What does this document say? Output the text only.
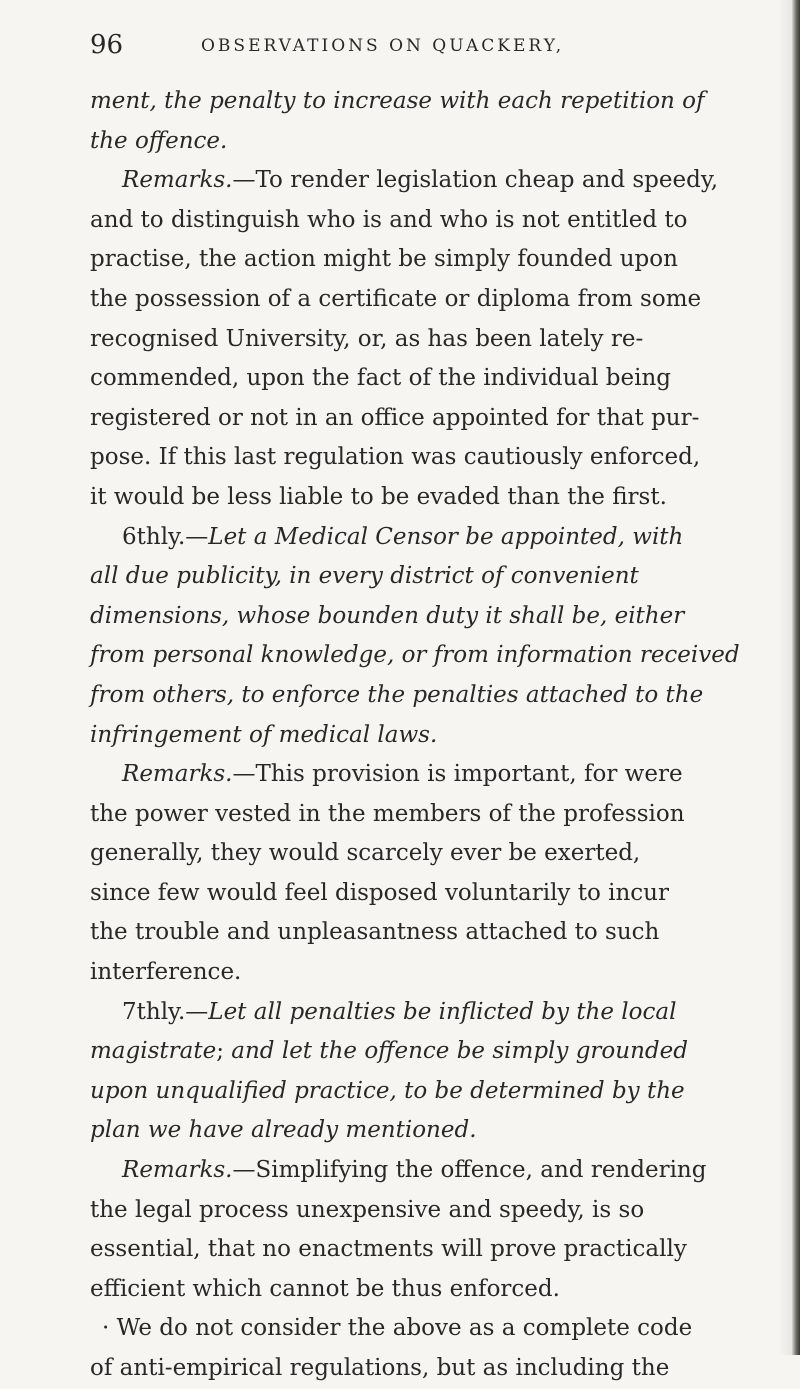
96	OBSERVATIONS ON QUACKERY,
ment, the penalty to increase with each repetition of
the offence.
Remarks.—To render legislation cheap and speedy,
and to distinguish who is and who is not entitled to
practise, the action might be simply founded upon
the possession of a certificate or diploma from some
recognised University, or, as has been lately re-
commended, upon the fact of the individual being
registered or not in an office appointed for that pur-
pose. If this last regulation was cautiously enforced,
it would be less liable to be evaded than the first.
6thly.—Let a Medical Censor be appointed, with
all due publicity, in every district of convenient
dimensions, whose bounden duty it shall be, either
from personal knowledge, or from information received
from others, to enforce the penalties attached to the
infringement of medical laws.
Remarks.—This provision is important, for were
the power vested in the members of the profession
generally, they would scarcely ever be exerted,
since few would feel disposed voluntarily to incur
the trouble and unpleasantness attached to such
interference.
7thly.—Let all penalties be inflicted by the local
magistrate; and let the offence be simply grounded
upon unqualified practice, to be determined by the
plan we have already mentioned.
Remarks.—Simplifying the offence, and rendering
the legal process unexpensive and speedy, is so
essential, that no enactments will prove practically
efficient which cannot be thus enforced.
· We do not consider the above as a complete code
of anti-empirical regulations, but as including the
